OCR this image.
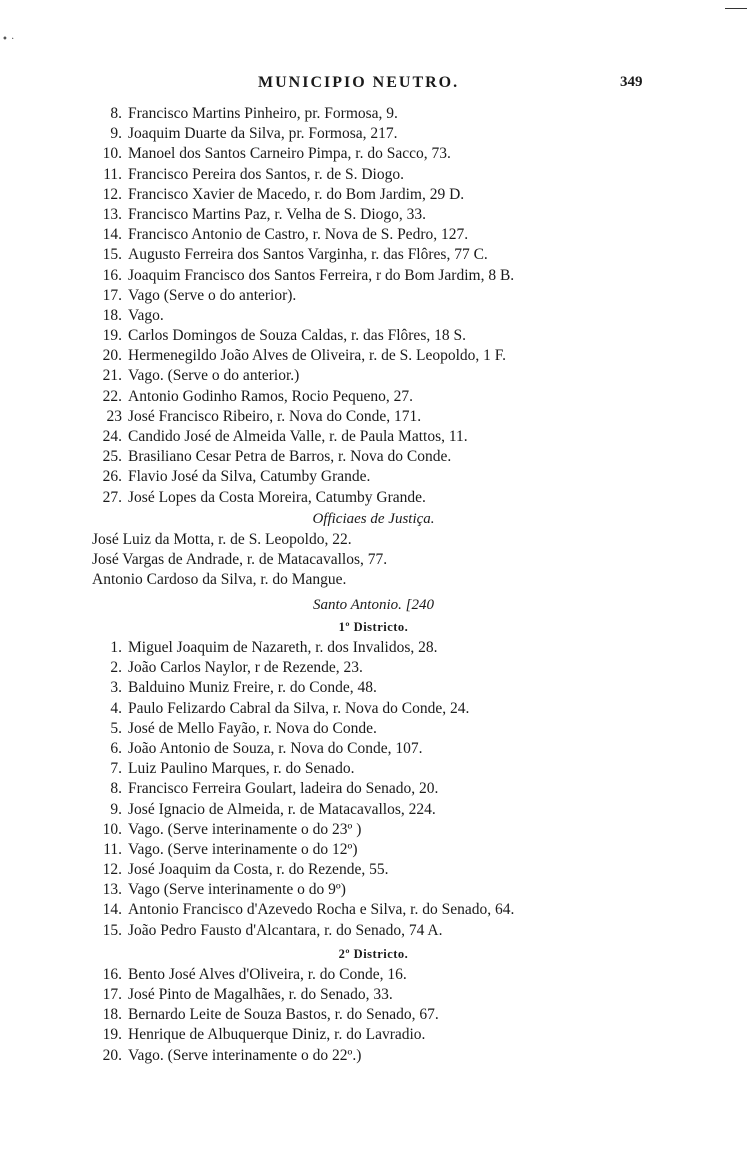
• ·
MUNICIPIO NEUTRO.	349
8. Francisco Martins Pinheiro, pr. Formosa, 9.
9. Joaquim Duarte da Silva, pr. Formosa, 217.
10. Manoel dos Santos Carneiro Pimpa, r. do Sacco, 73.
11. Francisco Pereira dos Santos, r. de S. Diogo.
12. Francisco Xavier de Macedo, r. do Bom Jardim, 29 D.
13. Francisco Martins Paz, r. Velha de S. Diogo, 33.
14. Francisco Antonio de Castro, r. Nova de S. Pedro, 127.
15. Augusto Ferreira dos Santos Varginha, r. das Flôres, 77 C.
16. Joaquim Francisco dos Santos Ferreira, r do Bom Jardim, 8 B.
17. Vago (Serve o do anterior).
18. Vago.
19. Carlos Domingos de Souza Caldas, r. das Flôres, 18 S.
20. Hermenegildo João Alves de Oliveira, r. de S. Leopoldo, 1 F.
21. Vago. (Serve o do anterior.)
22. Antonio Godinho Ramos, Rocio Pequeno, 27.
23 José Francisco Ribeiro, r. Nova do Conde, 171.
24. Candido José de Almeida Valle, r. de Paula Mattos, 11.
25. Brasiliano Cesar Petra de Barros, r. Nova do Conde.
26. Flavio José da Silva, Catumby Grande.
27. José Lopes da Costa Moreira, Catumby Grande.
Officiaes de Justiça.
José Luiz da Motta, r. de S. Leopoldo, 22.
José Vargas de Andrade, r. de Matacavallos, 77.
Antonio Cardoso da Silva, r. do Mangue.
Santo Antonio. [240
1º Districto.
1. Miguel Joaquim de Nazareth, r. dos Invalidos, 28.
2. João Carlos Naylor, r de Rezende, 23.
3. Balduino Muniz Freire, r. do Conde, 48.
4. Paulo Felizardo Cabral da Silva, r. Nova do Conde, 24.
5. José de Mello Fayão, r. Nova do Conde.
6. João Antonio de Souza, r. Nova do Conde, 107.
7. Luiz Paulino Marques, r. do Senado.
8. Francisco Ferreira Goulart, ladeira do Senado, 20.
9. José Ignacio de Almeida, r. de Matacavallos, 224.
10. Vago. (Serve interinamente o do 23º )
11. Vago. (Serve interinamente o do 12º)
12. José Joaquim da Costa, r. do Rezende, 55.
13. Vago (Serve interinamente o do 9º)
14. Antonio Francisco d'Azevedo Rocha e Silva, r. do Senado, 64.
15. João Pedro Fausto d'Alcantara, r. do Senado, 74 A.
2º Districto.
16. Bento José Alves d'Oliveira, r. do Conde, 16.
17. José Pinto de Magalhães, r. do Senado, 33.
18. Bernardo Leite de Souza Bastos, r. do Senado, 67.
19. Henrique de Albuquerque Diniz, r. do Lavradio.
20. Vago. (Serve interinamente o do 22º.)
